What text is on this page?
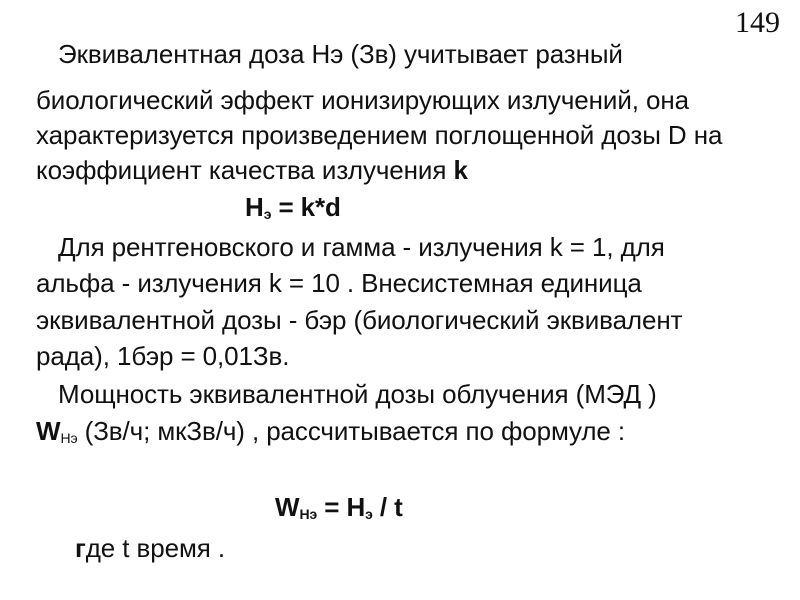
149
Эквивалентная доза Hэ (Зв) учитывает разный
биологический эффект ионизирующих излучений, она
характеризуется произведением поглощенной дозы D на
коэффициент качества излучения k
$H_э = k*d$
Для рентгеновского и гамма - излучения k = 1, для
альфа - излучения k = 10 . Внесистемная единица
эквивалентной дозы - бэр (биологический эквивалент
рада), 1бэр = 0,01Зв.
Мощность эквивалентной дозы облучения (МЭД )
$W_{Hэ}$ (Зв/ч; мкЗв/ч) , рассчитывается по формуле :
$W_{Hэ} = H_э / t$
где t время .
